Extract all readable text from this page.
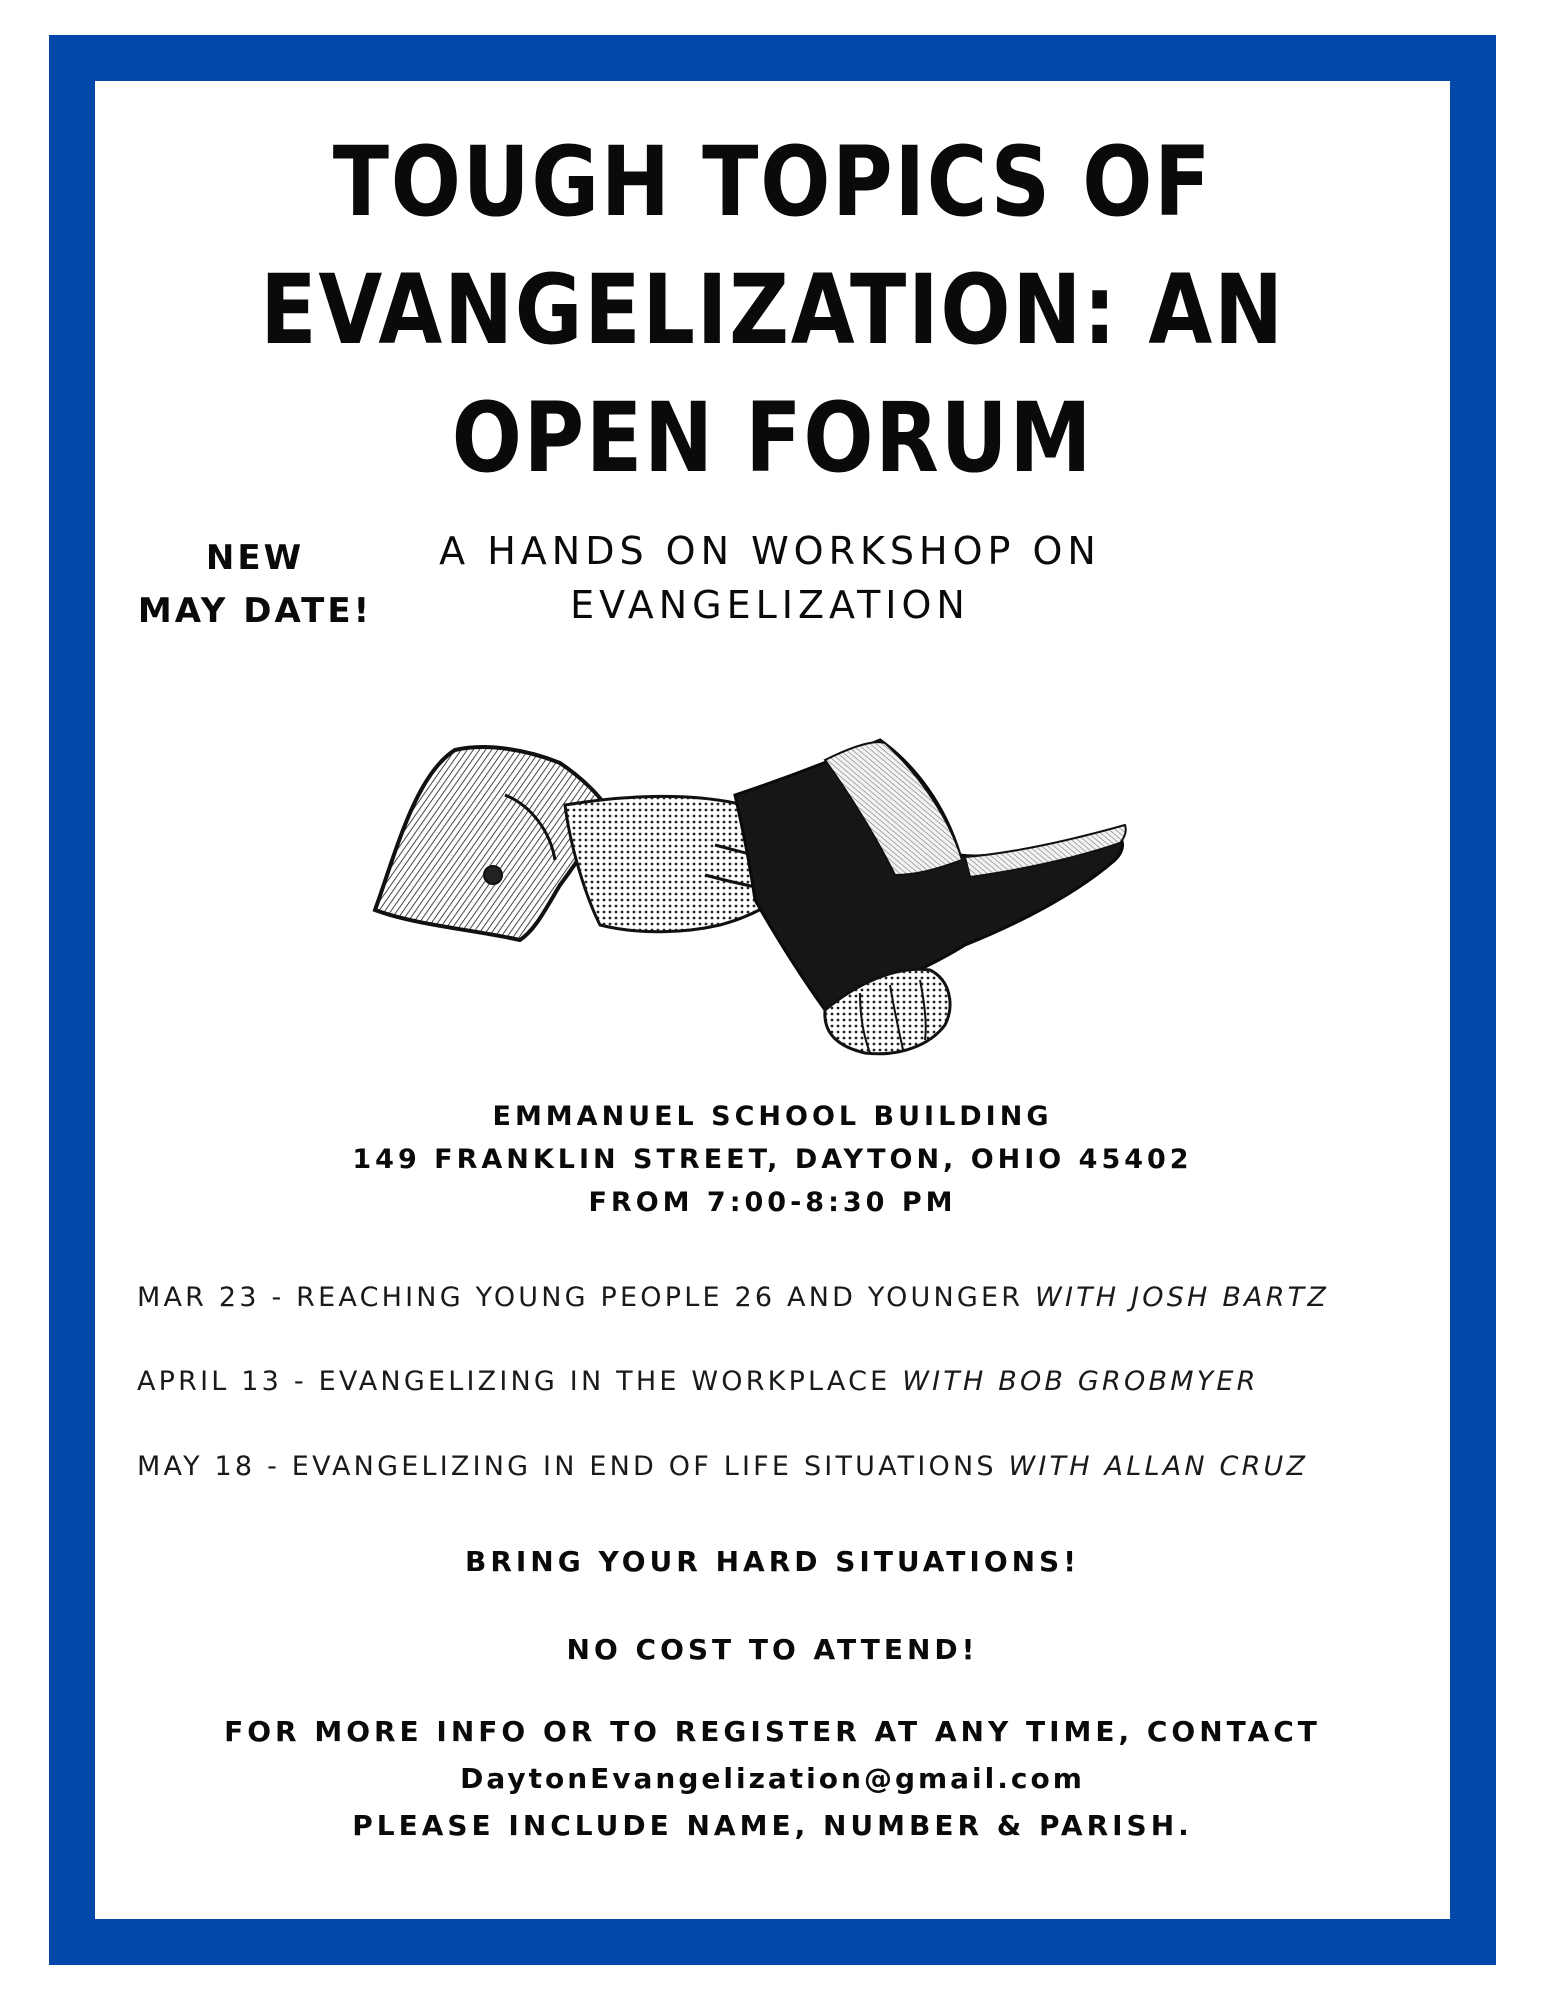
TOUGH TOPICS OF
EVANGELIZATION: AN
OPEN FORUM
NEW
MAY DATE!
A HANDS ON WORKSHOP ON
EVANGELIZATION
EMMANUEL SCHOOL BUILDING
149 FRANKLIN STREET, DAYTON, OHIO 45402
FROM 7:00-8:30 PM
MAR 23 - REACHING YOUNG PEOPLE 26 AND YOUNGER WITH JOSH BARTZ
APRIL 13 - EVANGELIZING IN THE WORKPLACE WITH BOB GROBMYER
MAY 18 - EVANGELIZING IN END OF LIFE SITUATIONS WITH ALLAN CRUZ
BRING YOUR HARD SITUATIONS!
NO COST TO ATTEND!
FOR MORE INFO OR TO REGISTER AT ANY TIME, CONTACT
DaytonEvangelization@gmail.com
PLEASE INCLUDE NAME, NUMBER & PARISH.
